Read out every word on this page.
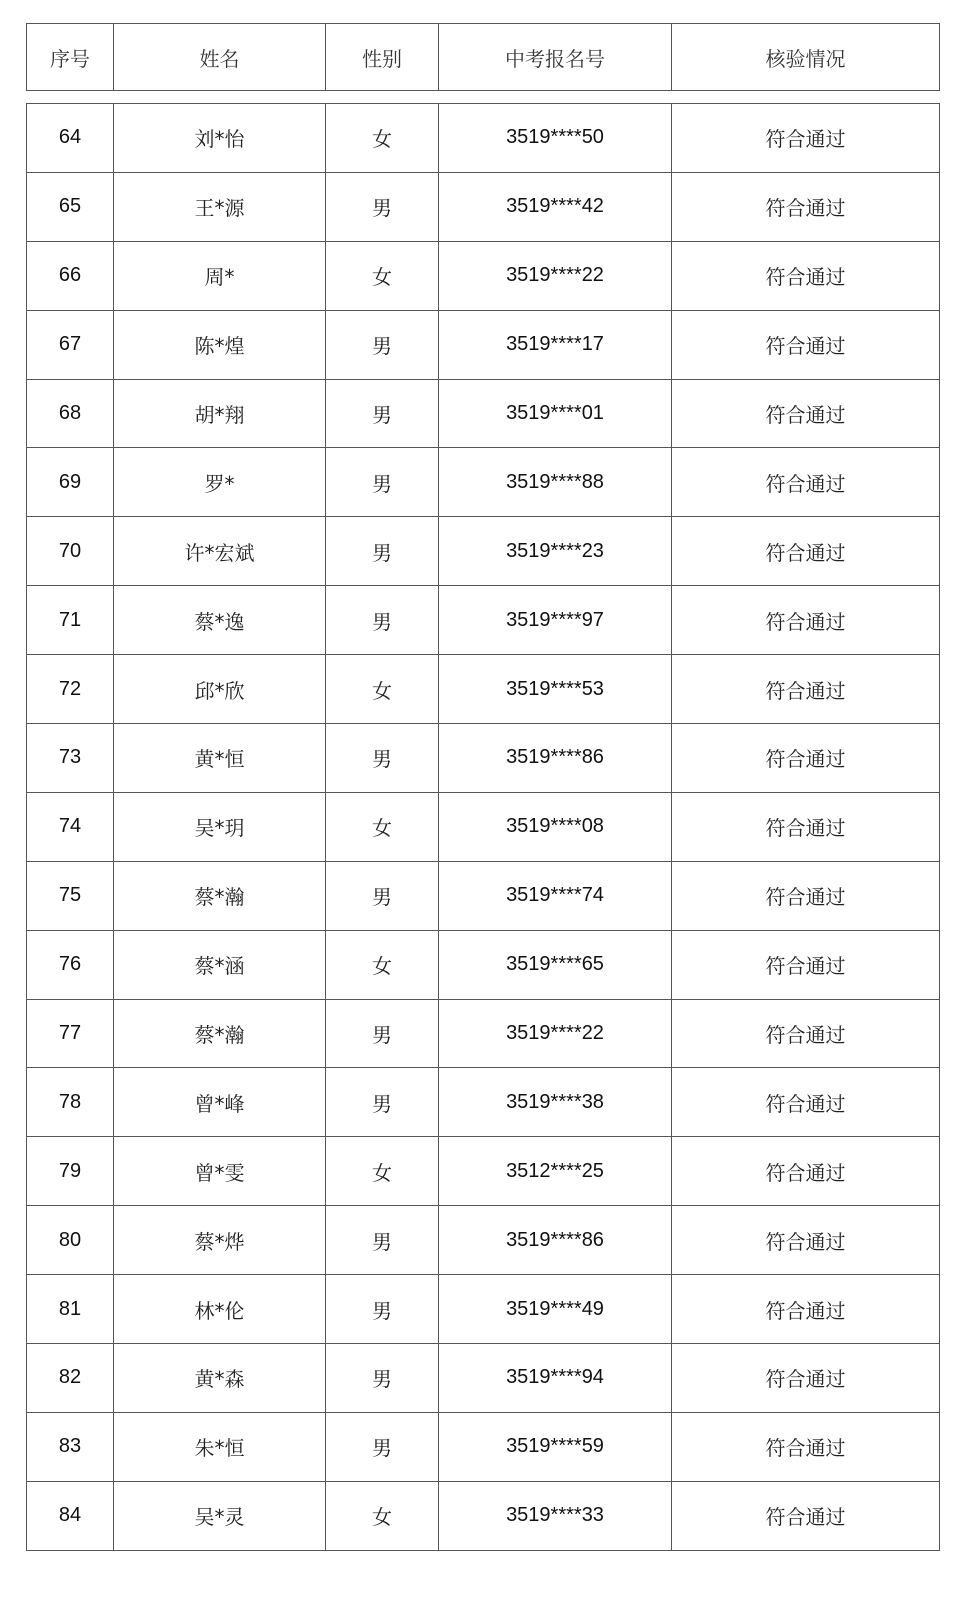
序号	姓名	性别	中考报名号	核验情况
64	刘*怡	女	3519****50	符合通过
65	王*源	男	3519****42	符合通过
66	周*	女	3519****22	符合通过
67	陈*煌	男	3519****17	符合通过
68	胡*翔	男	3519****01	符合通过
69	罗*	男	3519****88	符合通过
70	许*宏斌	男	3519****23	符合通过
71	蔡*逸	男	3519****97	符合通过
72	邱*欣	女	3519****53	符合通过
73	黄*恒	男	3519****86	符合通过
74	吴*玥	女	3519****08	符合通过
75	蔡*瀚	男	3519****74	符合通过
76	蔡*涵	女	3519****65	符合通过
77	蔡*瀚	男	3519****22	符合通过
78	曾*峰	男	3519****38	符合通过
79	曾*雯	女	3512****25	符合通过
80	蔡*烨	男	3519****86	符合通过
81	林*伦	男	3519****49	符合通过
82	黄*森	男	3519****94	符合通过
83	朱*恒	男	3519****59	符合通过
84	吴*灵	女	3519****33	符合通过
